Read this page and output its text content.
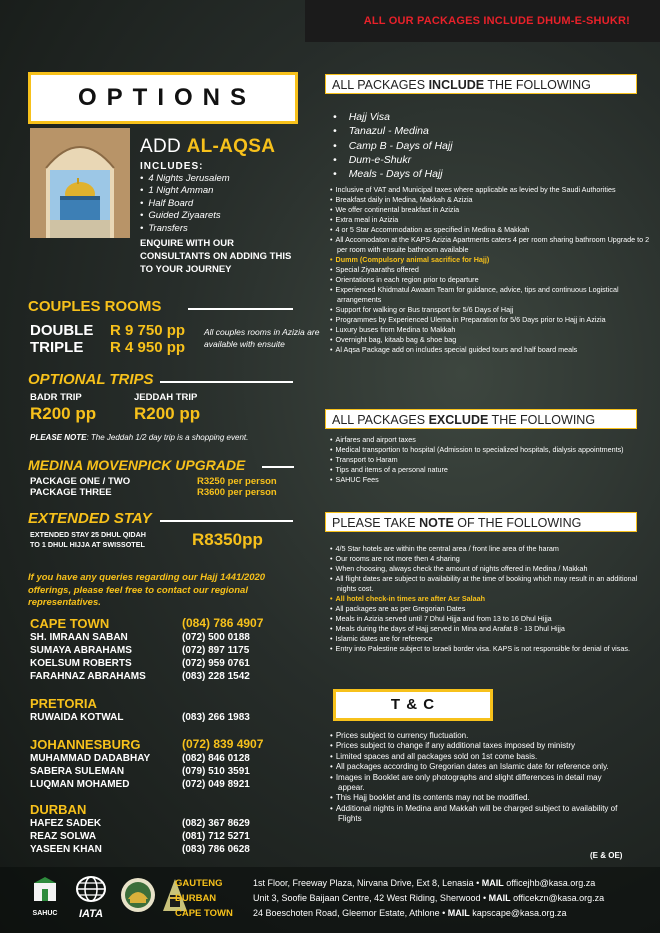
ALL OUR PACKAGES INCLUDE DHUM-E-SHUKR!
OPTIONS
ADD AL-AQSA
INCLUDES:
• 4 Nights Jerusalem
• 1 Night Amman
• Half Board
• Guided Ziyaarets
• Transfers
ENQUIRE WITH OUR CONSULTANTS ON ADDING THIS TO YOUR JOURNEY
COUPLES ROOMS
DOUBLE R 9 750 pp
TRIPLE R 4 950 pp
All couples rooms in Azizia are available with ensuite
OPTIONAL TRIPS
BADR TRIP
R200 pp
JEDDAH TRIP
R200 pp
PLEASE NOTE: The Jeddah 1/2 day trip is a shopping event.
MEDINA MOVENPICK UPGRADE
PACKAGE ONE / TWO	R3250 per person
PACKAGE THREE	R3600 per person
EXTENDED STAY
EXTENDED STAY 25 DHUL QIDAH
TO 1 DHUL HIJJA AT SWISSOTEL	R8350pp
If you have any queries regarding our Hajj 1441/2020 offerings, please feel free to contact our regional representatives.
CAPE TOWN	(084) 786 4907
SH. IMRAAN SABAN	(072) 500 0188
SUMAYA ABRAHAMS	(072) 897 1175
KOELSUM ROBERTS	(072) 959 0761
FARAHNAZ ABRAHAMS	(083) 228 1542
PRETORIA
RUWAIDA KOTWAL	(083) 266 1983
JOHANNESBURG	(072) 839 4907
MUHAMMAD DADABHAY	(082) 846 0128
SABERA SULEMAN	(079) 510 3591
LUQMAN MOHAMED	(072) 049 8921
DURBAN
HAFEZ SADEK	(082) 367 8629
REAZ SOLWA	(081) 712 5271
YASEEN KHAN	(083) 786 0628
ALL PACKAGES INCLUDE THE FOLLOWING
• Hajj Visa
• Tanazul - Medina
• Camp B - Days of Hajj
• Dum-e-Shukr
• Meals - Days of Hajj
• Inclusive of VAT and Municipal taxes where applicable as levied by the Saudi Authorities
• Breakfast daily in Medina, Makkah & Azizia
• We offer continental breakfast in Azizia
• Extra meal in Azizia
• 4 or 5 Star Accommodation as specified in Medina & Makkah
• All Accomodaton at the KAPS Azizia Apartments caters 4 per room sharing bathroom Upgrade to 2 per room with ensuite bathroom available
• Dumm (Compulsory animal sacrifice for Hajj)
• Special Ziyaaraths offered
• Orientations in each region prior to departure
• Experienced Khidmatul Awaam Team for guidance, advice, tips and continuous Logistical arrangements
• Support for walking or Bus transport for 5/6 Days of Hajj
• Programmes by Experienced Ulema in Preparation for 5/6 Days prior to Hajj in Azizia
• Luxury buses from Medina to Makkah
• Overnight bag, kitaab bag & shoe bag
• Al Aqsa Package add on includes special guided tours and half board meals
ALL PACKAGES EXCLUDE THE FOLLOWING
• Airfares and airport taxes
• Medical transportion to hospital (Admission to specialized hospitals, dialysis appointments)
• Transport to Haram
• Tips and items of a personal nature
• SAHUC Fees
PLEASE TAKE NOTE OF THE FOLLOWING
• 4/5 Star hotels are within the central area / front line area of the haram
• Our rooms are not more then 4 sharing
• When choosing, always check the amount of nights offered in Medina / Makkah
• All flight dates are subject to availability at the time of booking which may result in an additional nights cost.
• All hotel check-in times are after Asr Salaah
• All packages are as per Gregorian Dates
• Meals in Azizia served until 7 Dhul Hijja and from 13 to 16 Dhul Hijja
• Meals during the days of Hajj served in Mina and Arafat 8 - 13 Dhul Hijja
• Islamic dates are for reference
• Entry into Palestine subject to Israeli border visa. KAPS is not responsible for denial of visas.
T & C
• Prices subject to currency fluctuation.
• Prices subject to change if any additional taxes imposed by ministry
• Limited spaces and all packages sold on 1st come basis.
• All packages according to Gregorian dates an Islamic date for reference only.
• Images in Booklet are only photographs and slight differences in detail may appear.
• This Hajj booklet and its contents may not be modified.
• Additional nights in Medina and Makkah will be charged subject to availability of Flights
(E & OE)
SAHUC	IATA
GAUTENG	1st Floor, Freeway Plaza, Nirvana Drive, Ext 8, Lenasia • MAIL officejhb@kasa.org.za
DURBAN	Unit 3, Soofie Baijaan Centre, 42 West Riding, Sherwood • MAIL officekzn@kasa.org.za
CAPE TOWN 24 Boeschoten Road, Gleemor Estate, Athlone • MAIL kapscape@kasa.org.za
